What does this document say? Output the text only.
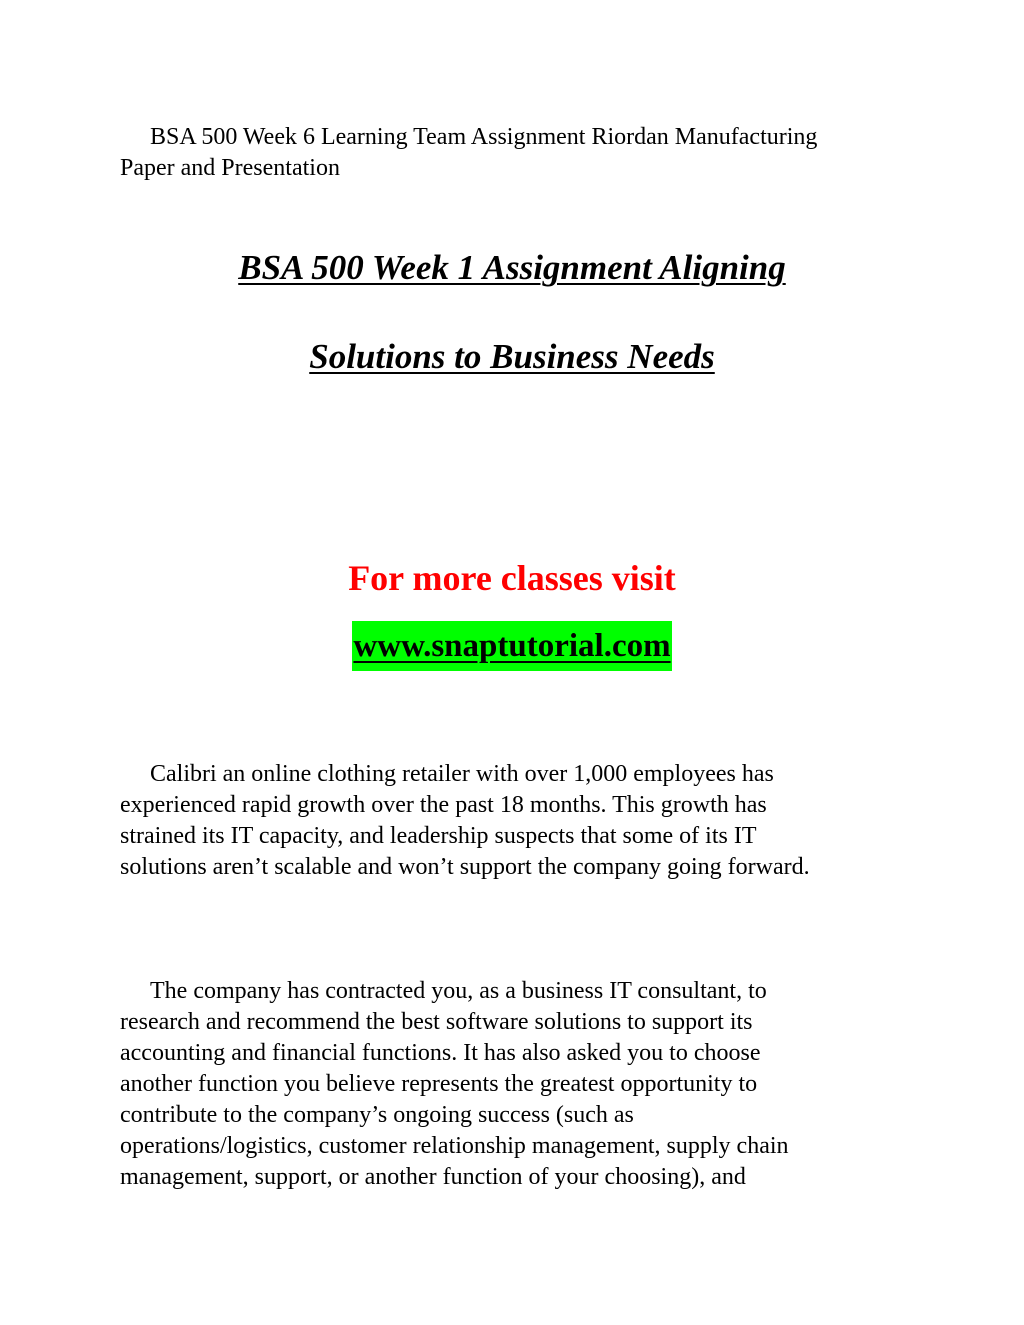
BSA 500 Week 6 Learning Team Assignment Riordan Manufacturing
Paper and Presentation
BSA 500 Week 1 Assignment Aligning
Solutions to Business Needs
For more classes visit
www.snaptutorial.com
Calibri an online clothing retailer with over 1,000 employees has
experienced rapid growth over the past 18 months. This growth has
strained its IT capacity, and leadership suspects that some of its IT
solutions aren’t scalable and won’t support the company going forward.
The company has contracted you, as a business IT consultant, to
research and recommend the best software solutions to support its
accounting and financial functions. It has also asked you to choose
another function you believe represents the greatest opportunity to
contribute to the company’s ongoing success (such as
operations/logistics, customer relationship management, supply chain
management, support, or another function of your choosing), and
